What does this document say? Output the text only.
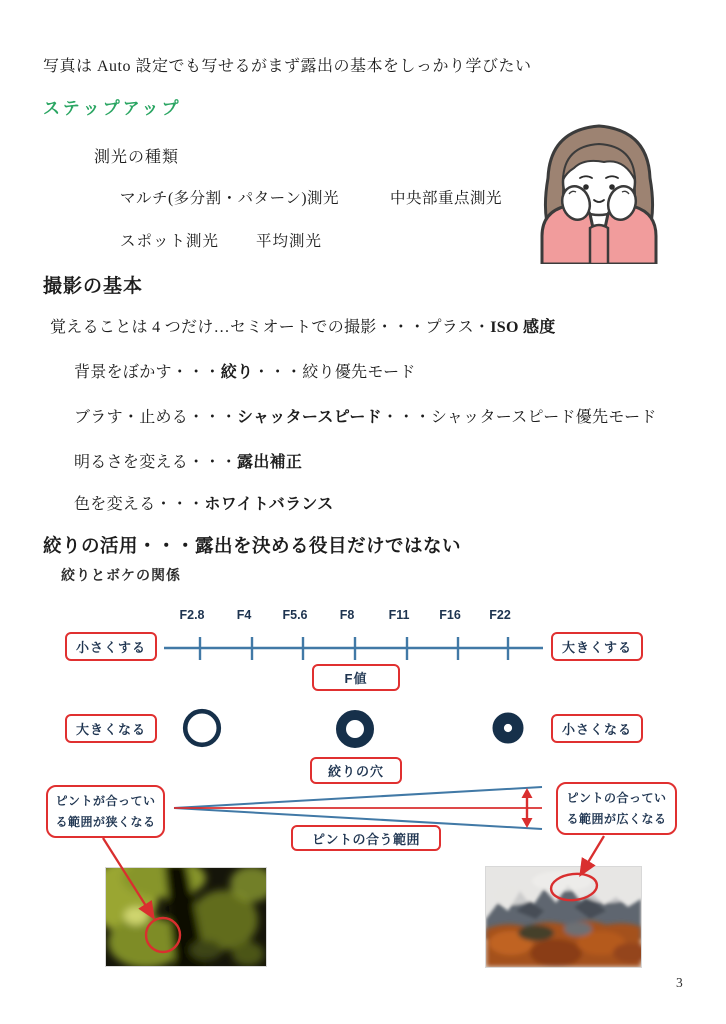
写真は Auto 設定でも写せるがまず露出の基本をしっかり学びたい
ステップアップ
測光の種類
マルチ(多分割・パターン)測光	中央部重点測光
スポット測光 平均測光
撮影の基本
覚えることは 4 つだけ…セミオートでの撮影・・・プラス・ISO 感度
背景をぼかす・・・絞り・・・絞り優先モード
ブラす・止める・・・シャッタースピード・・・シャッタースピード優先モード
明るさを変える・・・露出補正
色を変える・・・ホワイトバランス
絞りの活用・・・露出を決める役目だけではない
絞りとボケの関係
F2.8	F4 F5.6	F8	F11 F16 F22
小さくする	大きくする
F値
大きくなる	小さくなる
絞りの穴
ピントの合う範囲
ピントが合ってい
る範囲が狭くなる
ピントの合ってい
る範囲が広くなる
3
